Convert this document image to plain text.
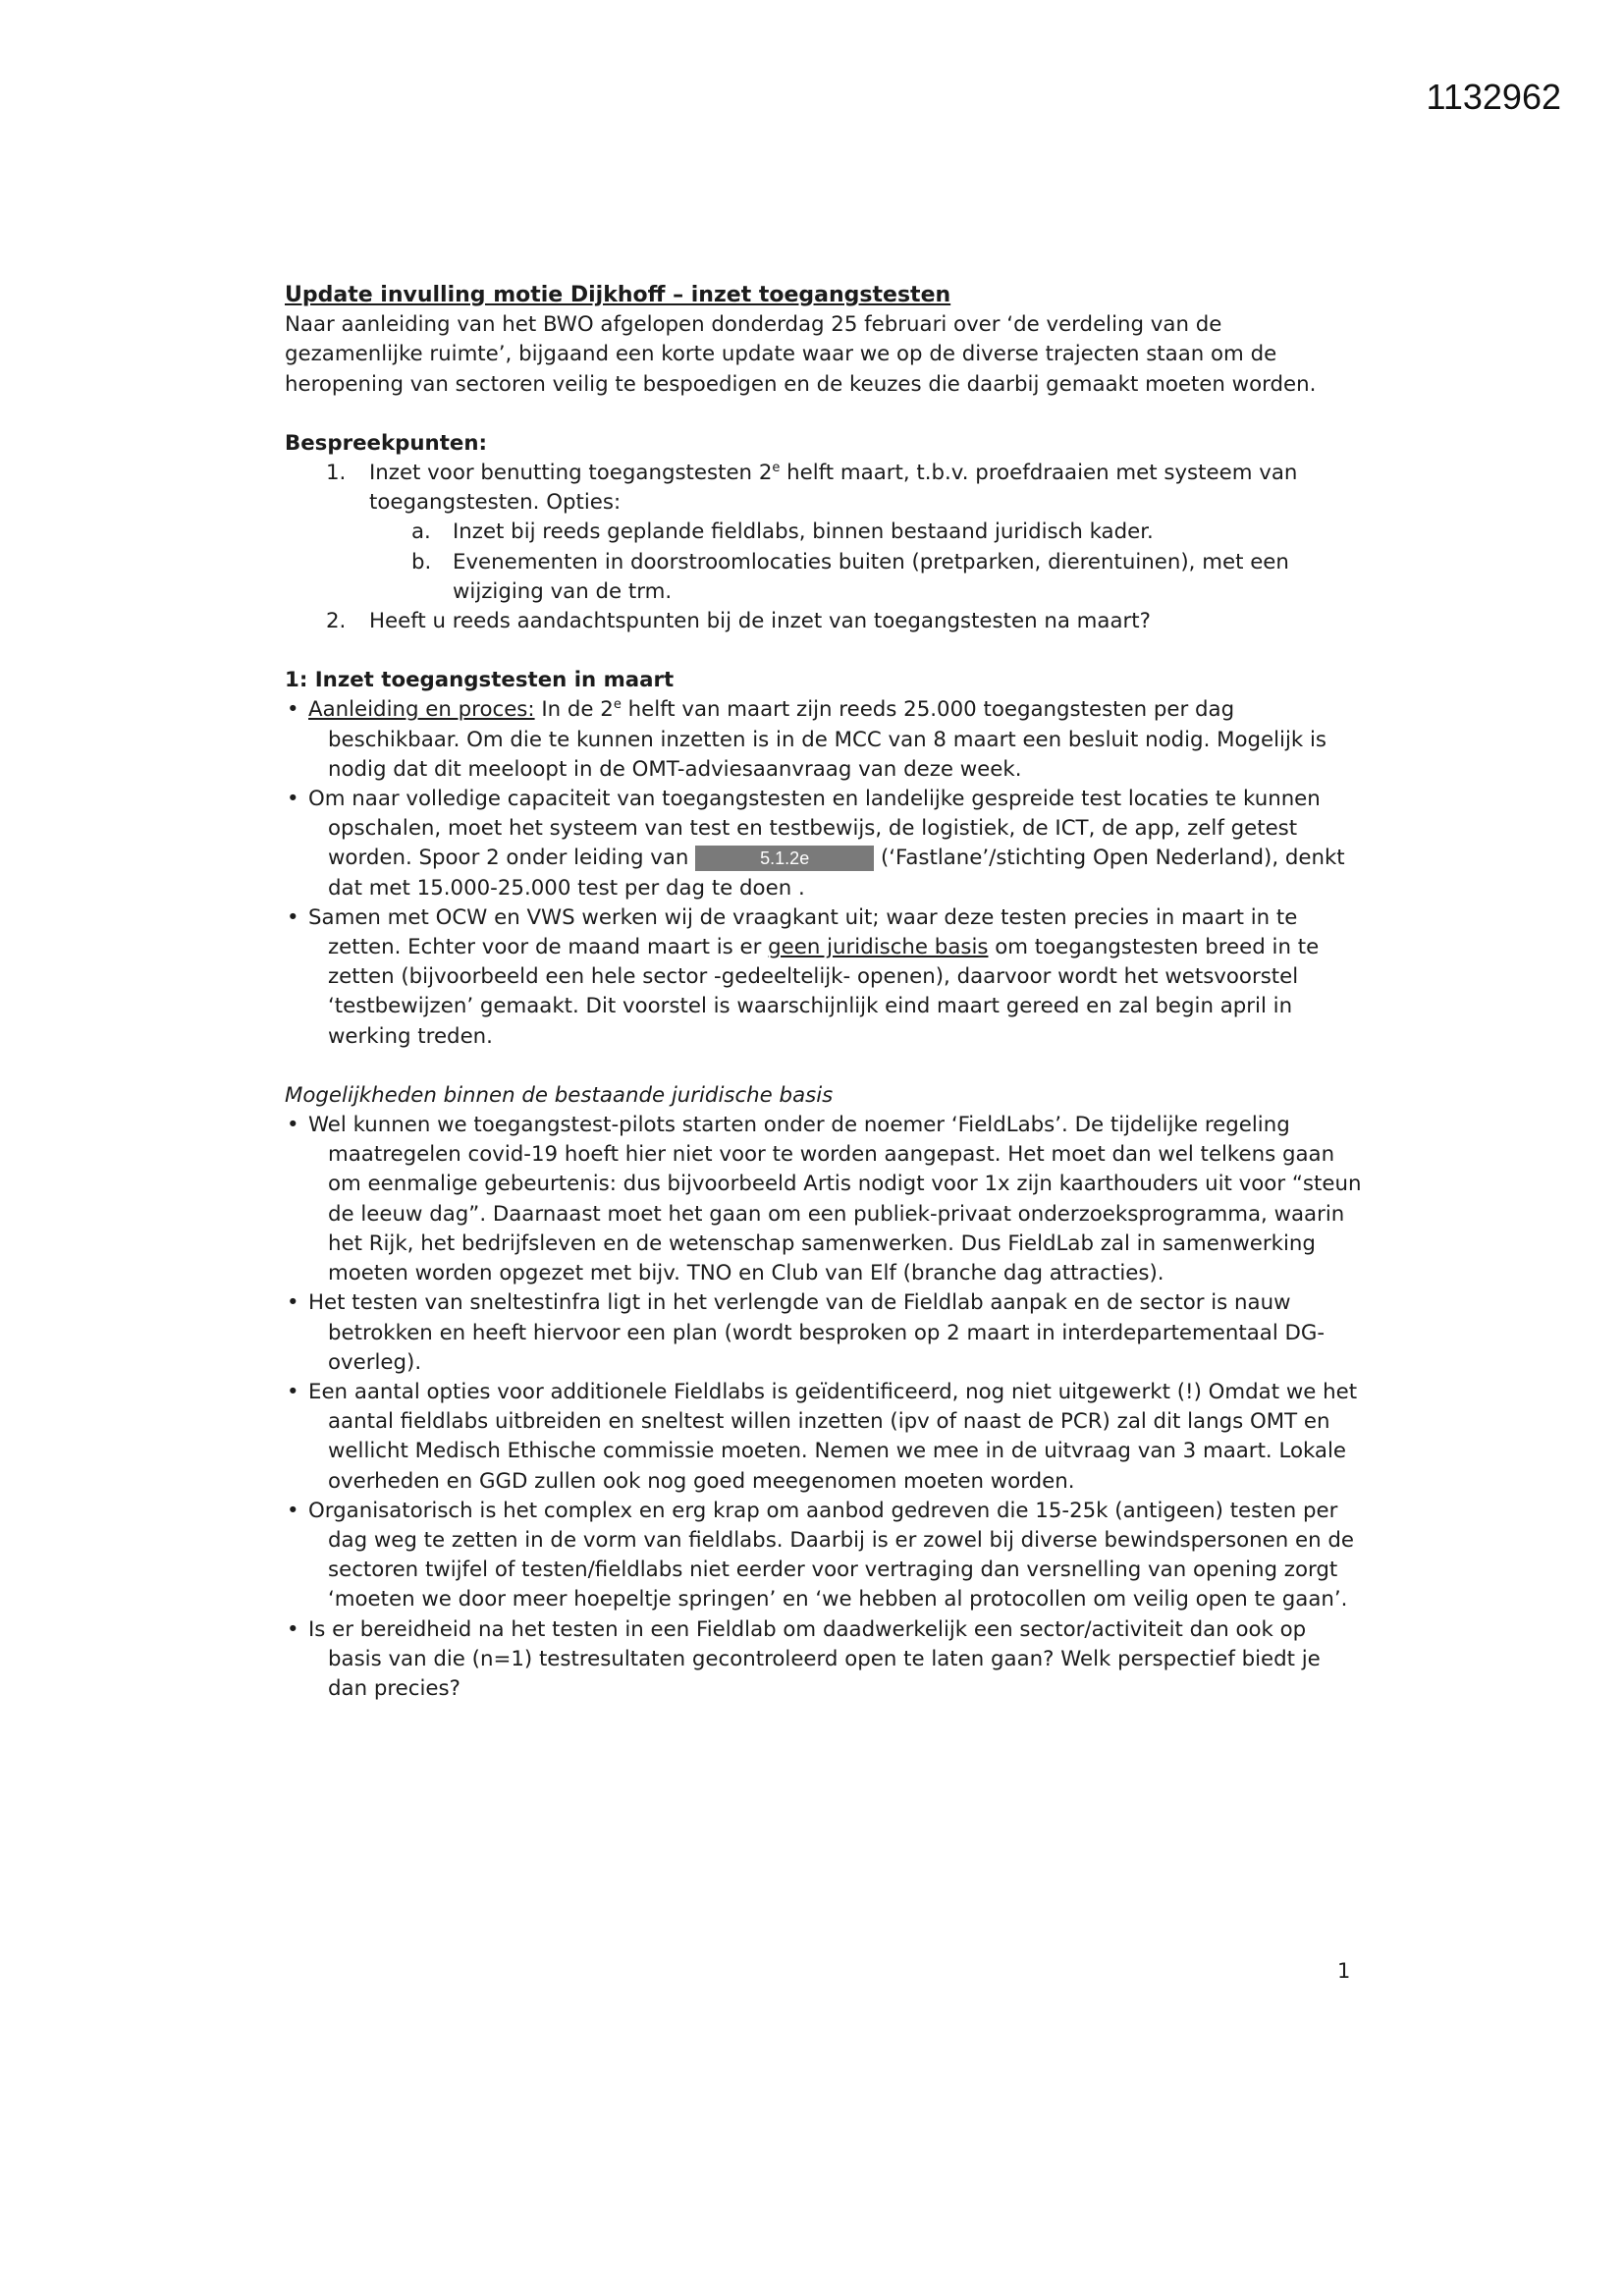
1132962
Update invulling motie Dijkhoff – inzet toegangstesten
Naar aanleiding van het BWO afgelopen donderdag 25 februari over ‘de verdeling van de gezamenlijke ruimte’, bijgaand een korte update waar we op de diverse trajecten staan om de heropening van sectoren veilig te bespoedigen en de keuzes die daarbij gemaakt moeten worden.
Bespreekpunten:
1.	Inzet voor benutting toegangstesten 2e helft maart, t.b.v. proefdraaien met systeem van toegangstesten. Opties:
a.	Inzet bij reeds geplande fieldlabs, binnen bestaand juridisch kader.
b.	Evenementen in doorstroomlocaties buiten (pretparken, dierentuinen), met een wijziging van de trm.
2.	Heeft u reeds aandachtspunten bij de inzet van toegangstesten na maart?
1: Inzet toegangstesten in maart
• Aanleiding en proces: In de 2e helft van maart zijn reeds 25.000 toegangstesten per dag beschikbaar. Om die te kunnen inzetten is in de MCC van 8 maart een besluit nodig. Mogelijk is nodig dat dit meeloopt in de OMT-adviesaanvraag van deze week.
• Om naar volledige capaciteit van toegangstesten en landelijke gespreide test locaties te kunnen opschalen, moet het systeem van test en testbewijs, de logistiek, de ICT, de app, zelf getest worden. Spoor 2 onder leiding van	5.1.2e	(‘Fastlane’/stichting Open Nederland), denkt dat met 15.000-25.000 test per dag te doen .
• Samen met OCW en VWS werken wij de vraagkant uit; waar deze testen precies in maart in te zetten. Echter voor de maand maart is er geen juridische basis om toegangstesten breed in te zetten (bijvoorbeeld een hele sector -gedeeltelijk- openen), daarvoor wordt het wetsvoorstel ‘testbewijzen’ gemaakt. Dit voorstel is waarschijnlijk eind maart gereed en zal begin april in werking treden.
Mogelijkheden binnen de bestaande juridische basis
• Wel kunnen we toegangstest-pilots starten onder de noemer ‘FieldLabs’. De tijdelijke regeling maatregelen covid-19 hoeft hier niet voor te worden aangepast. Het moet dan wel telkens gaan om eenmalige gebeurtenis: dus bijvoorbeeld Artis nodigt voor 1x zijn kaarthouders uit voor “steun de leeuw dag”. Daarnaast moet het gaan om een publiek-privaat onderzoeksprogramma, waarin het Rijk, het bedrijfsleven en de wetenschap samenwerken. Dus FieldLab zal in samenwerking moeten worden opgezet met bijv. TNO en Club van Elf (branche dag attracties).
• Het testen van sneltestinfra ligt in het verlengde van de Fieldlab aanpak en de sector is nauw betrokken en heeft hiervoor een plan (wordt besproken op 2 maart in interdepartementaal DG-overleg).
• Een aantal opties voor additionele Fieldlabs is geïdentificeerd, nog niet uitgewerkt (!) Omdat we het aantal fieldlabs uitbreiden en sneltest willen inzetten (ipv of naast de PCR) zal dit langs OMT en wellicht Medisch Ethische commissie moeten. Nemen we mee in de uitvraag van 3 maart. Lokale overheden en GGD zullen ook nog goed meegenomen moeten worden.
• Organisatorisch is het complex en erg krap om aanbod gedreven die 15-25k (antigeen) testen per dag weg te zetten in de vorm van fieldlabs. Daarbij is er zowel bij diverse bewindspersonen en de sectoren twijfel of testen/fieldlabs niet eerder voor vertraging dan versnelling van opening zorgt ‘moeten we door meer hoepeltje springen’ en ‘we hebben al protocollen om veilig open te gaan’.
• Is er bereidheid na het testen in een Fieldlab om daadwerkelijk een sector/activiteit dan ook op basis van die (n=1) testresultaten gecontroleerd open te laten gaan? Welk perspectief biedt je dan precies?
1
